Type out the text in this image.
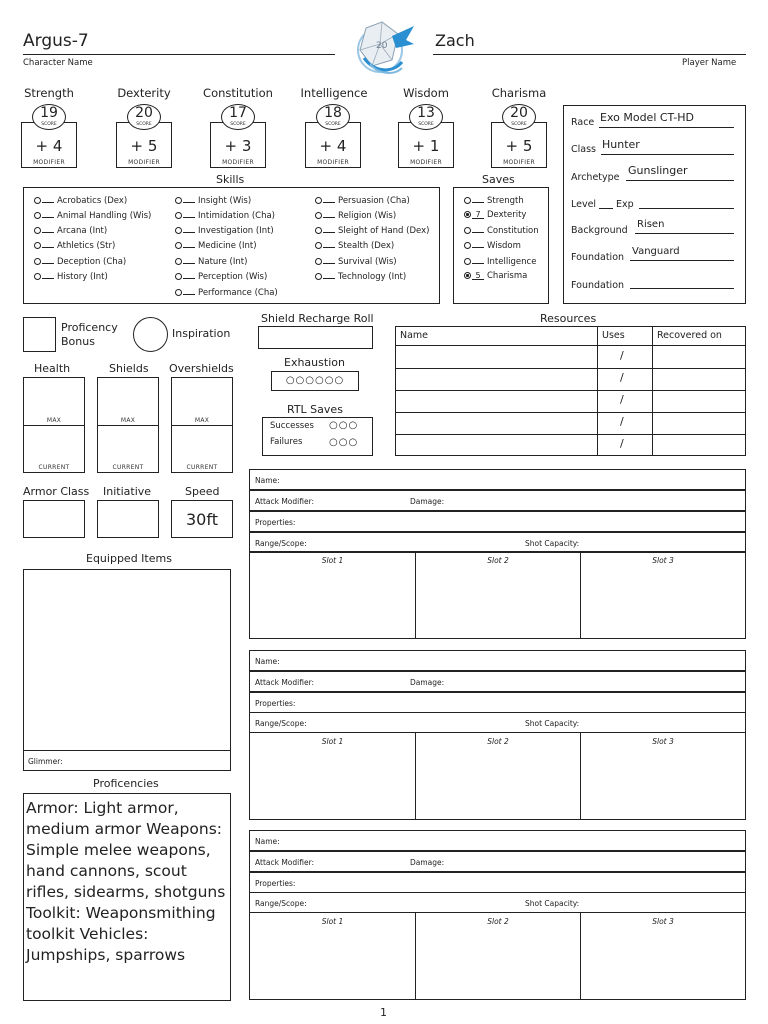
Argus-7
Character Name
20	Zach
Player Name
Strength
+ 4
MODIFIER
19
SCORE
Dexterity
+ 5
MODIFIER
20
SCORE
Constitution
+ 3
MODIFIER
17
SCORE
Intelligence
+ 4
MODIFIER
18
SCORE
Wisdom
+ 1
MODIFIER
13
SCORE
Charisma
+ 5
MODIFIER
20
SCORE	Race Exo Model CT-HD
Class Hunter
Archetype
Gunslinger
Level Exp
Background
Risen
Foundation
Vanguard
Foundation
Skills
Acrobatics (Dex)
Animal Handling (Wis)
Arcana (Int)
Athletics (Str)
Deception (Cha)
History (Int)
Insight (Wis)
Intimidation (Cha)
Investigation (Int)
Medicine (Int)
Nature (Int)
Perception (Wis)
Performance (Cha)
Persuasion (Cha)
Religion (Wis)
Sleight of Hand (Dex)
Stealth (Dex)
Survival (Wis)
Technology (Int)
Saves
Strength
7 Dexterity
Constitution
Wisdom
Intelligence
5 Charisma
Proficency
Bonus
Inspiration
Health	Shields Overshields
MAX
CURRENT
MAX
CURRENT
MAX
CURRENT
Armor Class Initiative	Speed
30ft
Shield Recharge Roll
Exhaustion
○○○○○○
RTL Saves
Successes ○○○
Failures	○○○
Resources
Name	Uses	Recovered on
/
/
/
/
/
Name:
Attack Modifier:	Damage:
Properties:
Range/Scope:	Shot Capacity:
Slot 1	Slot 2	Slot 3
Name:
Attack Modifier:	Damage:
Properties:
Range/Scope:	Shot Capacity:
Slot 1	Slot 2	Slot 3
Name:
Attack Modifier:	Damage:
Properties:
Range/Scope:	Shot Capacity:
Slot 1	Slot 2	Slot 3
Equipped Items
Glimmer:
Proficencies
Armor: Light armor, medium armor Weapons: Simple melee weapons, hand cannons, scout rifles, sidearms, shotguns Toolkit: Weaponsmithing toolkit Vehicles: Jumpships, sparrows
1
